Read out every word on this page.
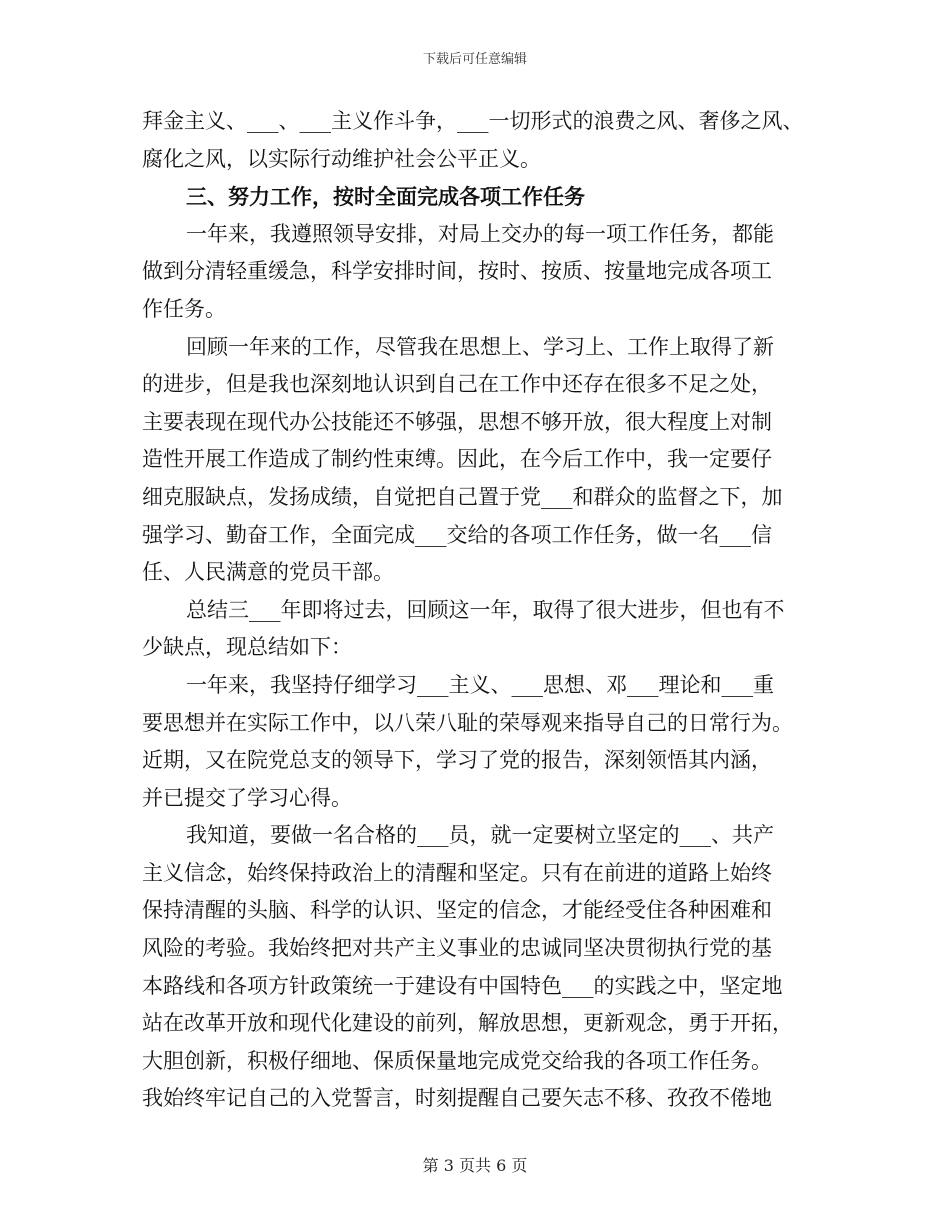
下载后可任意编辑
拜金主义、___、___主义作斗争，___一切形式的浪费之风、奢侈之风、
腐化之风，以实际行动维护社会公平正义。
三、努力工作，按时全面完成各项工作任务
一年来，我遵照领导安排，对局上交办的每一项工作任务，都能
做到分清轻重缓急，科学安排时间，按时、按质、按量地完成各项工
作任务。
回顾一年来的工作，尽管我在思想上、学习上、工作上取得了新
的进步，但是我也深刻地认识到自己在工作中还存在很多不足之处，
主要表现在现代办公技能还不够强，思想不够开放，很大程度上对制
造性开展工作造成了制约性束缚。因此，在今后工作中，我一定要仔
细克服缺点，发扬成绩，自觉把自己置于党___和群众的监督之下，加
强学习、勤奋工作，全面完成___交给的各项工作任务，做一名___信
任、人民满意的党员干部。
总结三___年即将过去，回顾这一年，取得了很大进步，但也有不
少缺点，现总结如下：
一年来，我坚持仔细学习___主义、___思想、邓___理论和___重
要思想并在实际工作中，以八荣八耻的荣辱观来指导自己的日常行为。
近期，又在院党总支的领导下，学习了党的报告，深刻领悟其内涵，
并已提交了学习心得。
我知道，要做一名合格的___员，就一定要树立坚定的___、共产
主义信念，始终保持政治上的清醒和坚定。只有在前进的道路上始终
保持清醒的头脑、科学的认识、坚定的信念，才能经受住各种困难和
风险的考验。我始终把对共产主义事业的忠诚同坚决贯彻执行党的基
本路线和各项方针政策统一于建设有中国特色___的实践之中，坚定地
站在改革开放和现代化建设的前列，解放思想，更新观念，勇于开拓，
大胆创新，积极仔细地、保质保量地完成党交给我的各项工作任务。
我始终牢记自己的入党誓言，时刻提醒自己要矢志不移、孜孜不倦地
第 3 页共 6 页
